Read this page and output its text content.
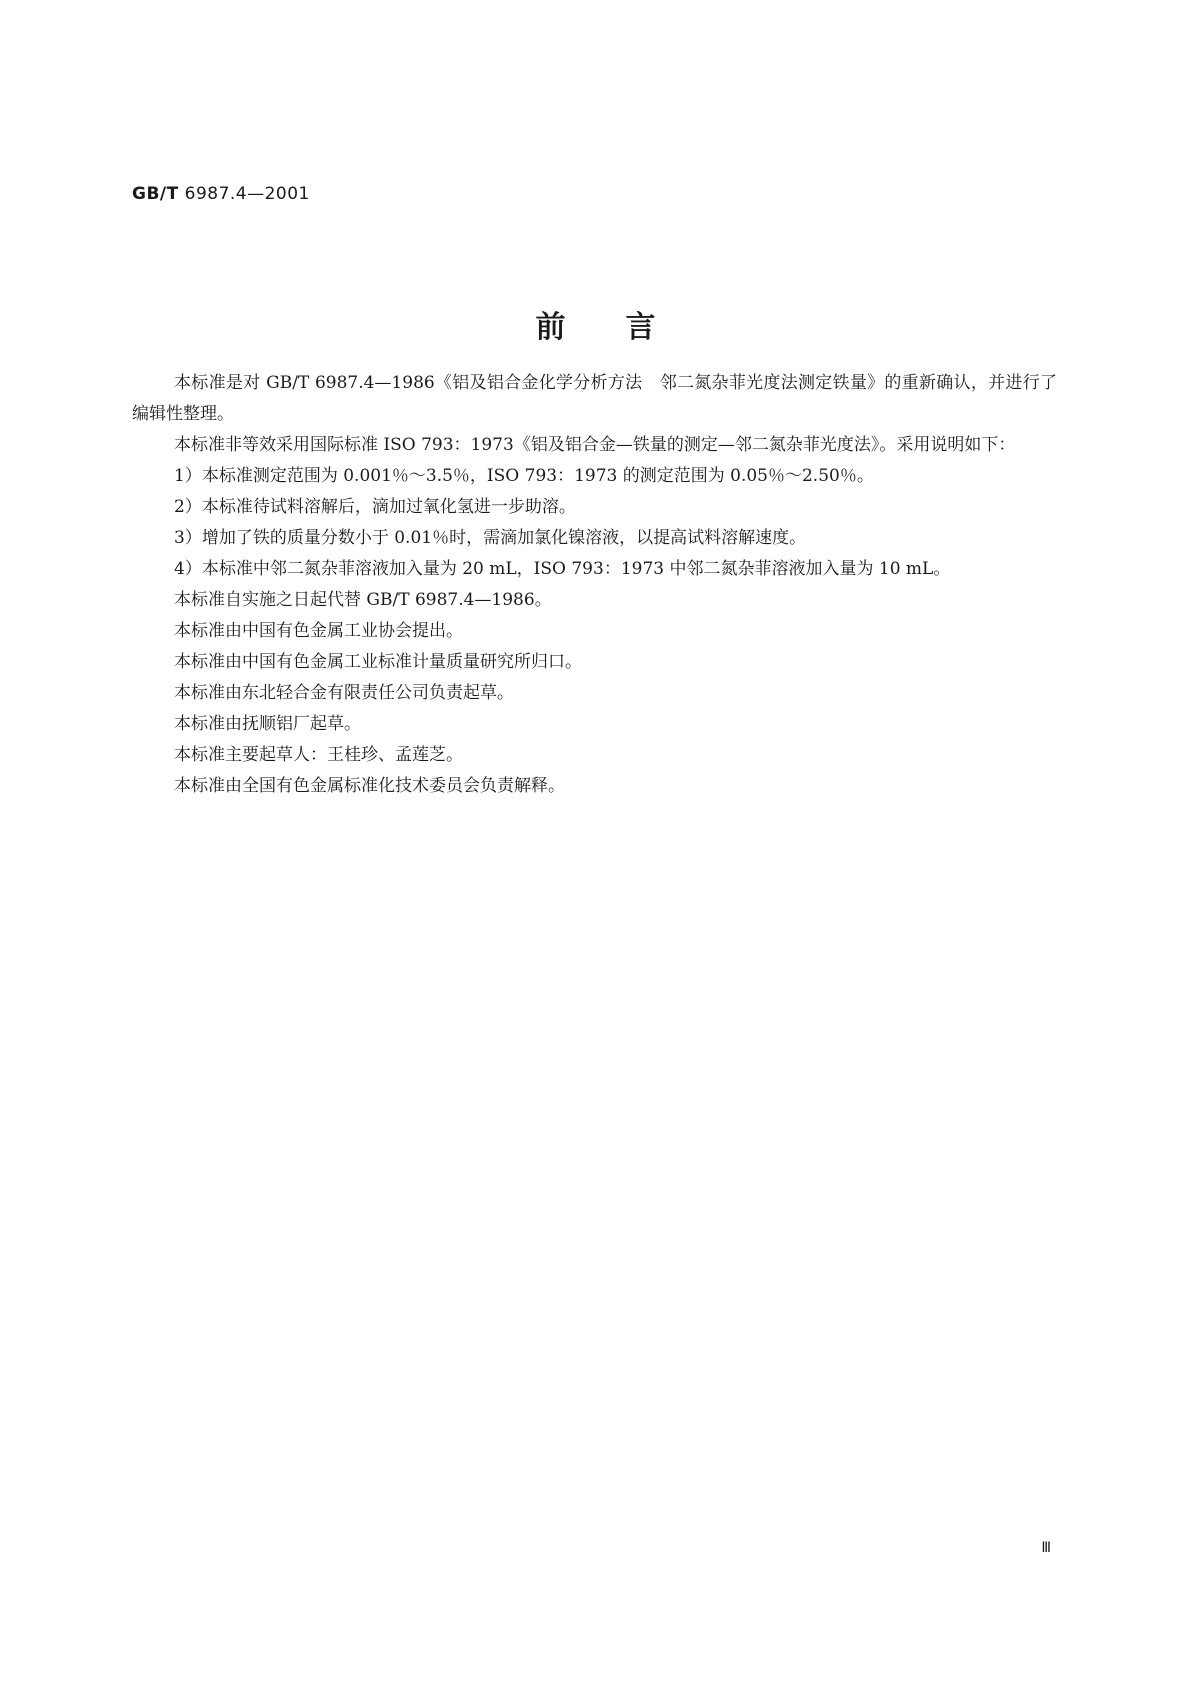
GB/T 6987.4—2001
前言

本标准是对 GB/T 6987.4—1986《铝及铝合金化学分析方法　邻二氮杂菲光度法测定铁量》的重新确认，并进行了编辑性整理。

本标准非等效采用国际标准 ISO 793：1973《铝及铝合金—铁量的测定—邻二氮杂菲光度法》。采用说明如下：

1）本标准测定范围为 0.001％～3.5％，ISO 793：1973 的测定范围为 0.05％～2.50％。

2）本标准待试料溶解后，滴加过氧化氢进一步助溶。

3）增加了铁的质量分数小于 0.01％时，需滴加氯化镍溶液，以提高试料溶解速度。

4）本标准中邻二氮杂菲溶液加入量为 20 mL，ISO 793：1973 中邻二氮杂菲溶液加入量为 10 mL。

本标准自实施之日起代替 GB/T 6987.4—1986。

本标准由中国有色金属工业协会提出。

本标准由中国有色金属工业标准计量质量研究所归口。

本标准由东北轻合金有限责任公司负责起草。

本标准由抚顺铝厂起草。

本标准主要起草人：王桂珍、孟莲芝。

本标准由全国有色金属标准化技术委员会负责解释。

Ⅲ
